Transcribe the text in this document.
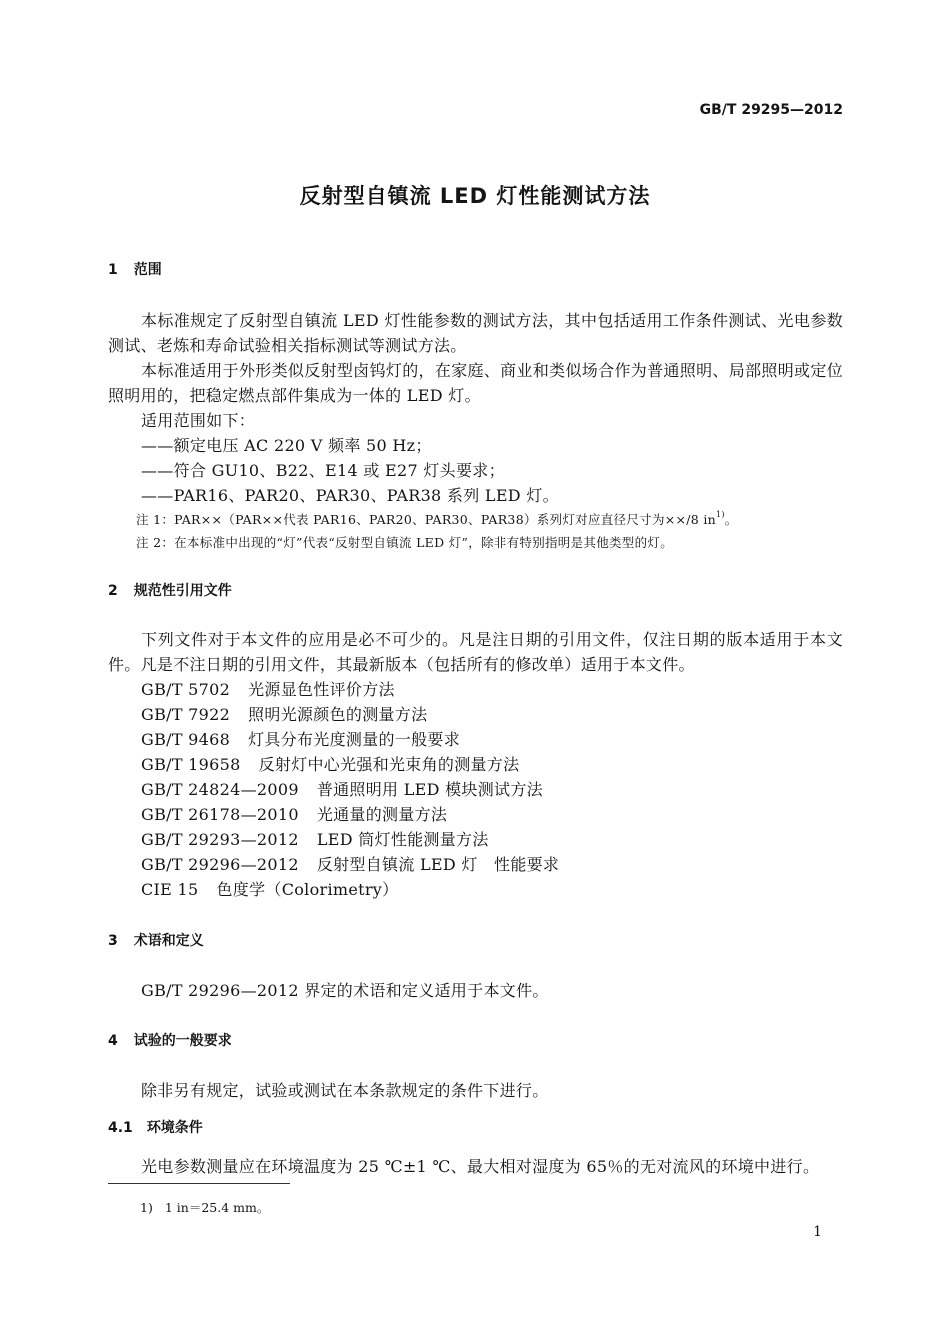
GB/T 29295—2012
反射型自镇流 LED 灯性能测试方法
1 范围

本标准规定了反射型自镇流 LED 灯性能参数的测试方法，其中包括适用工作条件测试、光电参数测试、老炼和寿命试验相关指标测试等测试方法。

本标准适用于外形类似反射型卤钨灯的，在家庭、商业和类似场合作为普通照明、局部照明或定位照明用的，把稳定燃点部件集成为一体的 LED 灯。

适用范围如下：
——额定电压 AC 220 V 频率 50 Hz；
——符合 GU10、B22、E14 或 E27 灯头要求；
——PAR16、PAR20、PAR30、PAR38 系列 LED 灯。
注 1：PAR××（PAR××代表 PAR16、PAR20、PAR30、PAR38）系列灯对应直径尺寸为××/8 $in^{1)}$。
注 2：在本标准中出现的“灯”代表“反射型自镇流 LED 灯”，除非有特别指明是其他类型的灯。
2 规范性引用文件

下列文件对于本文件的应用是必不可少的。凡是注日期的引用文件，仅注日期的版本适用于本文件。凡是不注日期的引用文件，其最新版本（包括所有的修改单）适用于本文件。

GB/T 5702 光源显色性评价方法
GB/T 7922 照明光源颜色的测量方法
GB/T 9468 灯具分布光度测量的一般要求
GB/T 19658 反射灯中心光强和光束角的测量方法
GB/T 24824—2009 普通照明用 LED 模块测试方法
GB/T 26178—2010 光通量的测量方法
GB/T 29293—2012 LED 筒灯性能测量方法
GB/T 29296—2012 反射型自镇流 LED 灯　性能要求
CIE 15 色度学（Colorimetry）
3 术语和定义

GB/T 29296—2012 界定的术语和定义适用于本文件。

4 试验的一般要求

除非另有规定，试验或测试在本条款规定的条件下进行。

4.1 环境条件

光电参数测量应在环境温度为 25 ℃±1 ℃、最大相对湿度为 65％的无对流风的环境中进行。

1) 1 in＝25.4 mm。
1
